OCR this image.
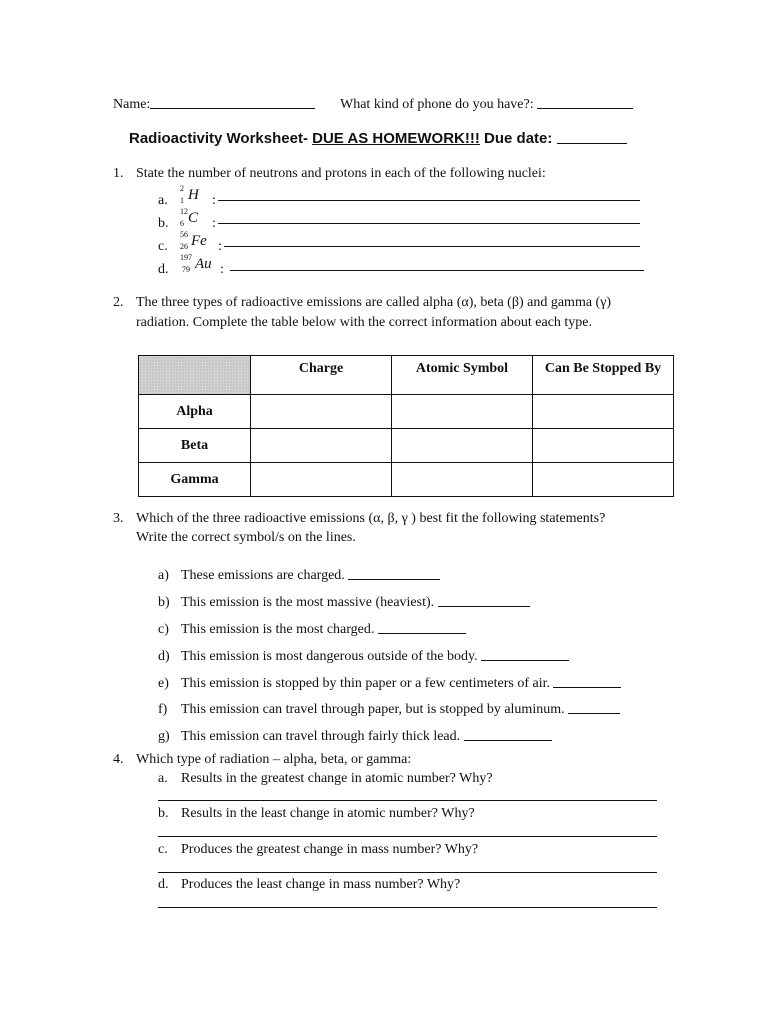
Name:	What kind of phone do you have?:
Radioactivity Worksheet- DUE AS HOMEWORK!!! Due date:
1. State the number of neutrons and protons in each of the following nuclei:
a.
2
1 H :
b.
12
6 C :
c.
56
26 Fe :
d.
197
79 Au :
2. The three types of radioactive emissions are called alpha (α), beta (β) and gamma (γ)
radiation. Complete the table below with the correct information about each type.
	Charge	Atomic Symbol	Can Be Stopped By
Alpha			
Beta			
Gamma			
3. Which of the three radioactive emissions (α, β, γ ) best fit the following statements?
Write the correct symbol/s on the lines.
a) These emissions are charged.
b) This emission is the most massive (heaviest).
c) This emission is the most charged.
d) This emission is most dangerous outside of the body.
e) This emission is stopped by thin paper or a few centimeters of air.
f) This emission can travel through paper, but is stopped by aluminum.
g) This emission can travel through fairly thick lead.
4. Which type of radiation – alpha, beta, or gamma:
a. Results in the greatest change in atomic number? Why?
b. Results in the least change in atomic number? Why?
c. Produces the greatest change in mass number? Why?
d. Produces the least change in mass number? Why?
